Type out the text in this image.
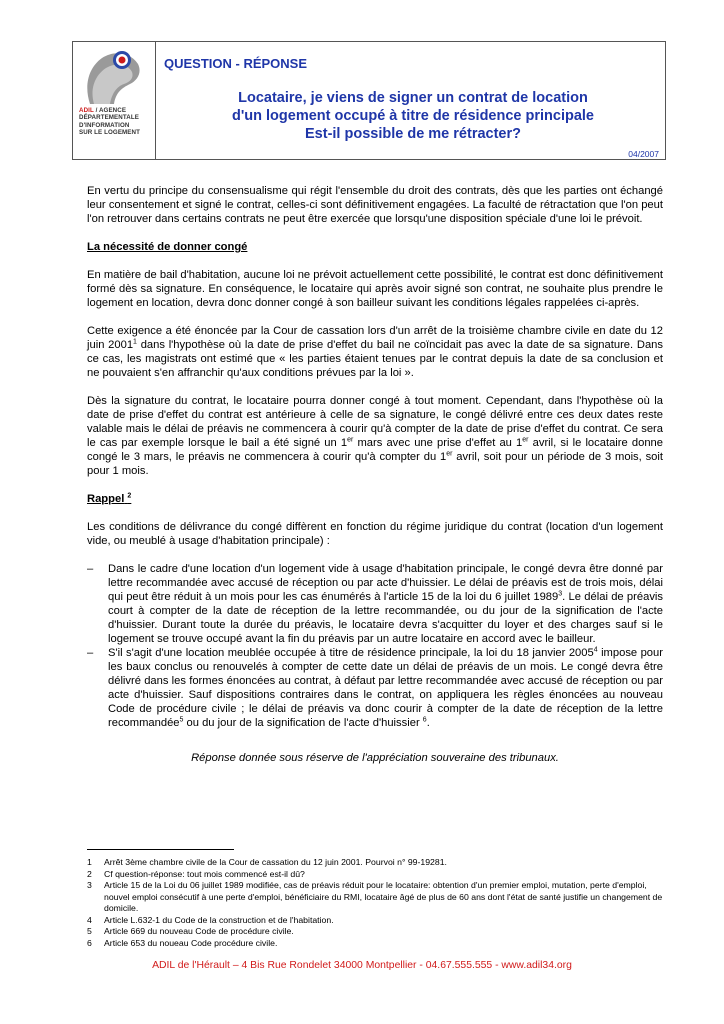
ADIL / AGENCE
DÉPARTEMENTALE
D'INFORMATION
SUR LE LOGEMENT
QUESTION - RÉPONSE
Locataire, je viens de signer un contrat de location
d'un logement occupé à titre de résidence principale
Est-il possible de me rétracter?
04/2007

En vertu du principe du consensualisme qui régit l'ensemble du droit des contrats, dès que les parties ont échangé leur consentement et signé le contrat, celles-ci sont définitivement engagées. La faculté de rétractation que l'on peut l'on retrouver dans certains contrats ne peut être exercée que lorsqu'une disposition spéciale d'une loi le prévoit.

La nécessité de donner congé

En matière de bail d'habitation, aucune loi ne prévoit actuellement cette possibilité, le contrat est donc définitivement formé dès sa signature. En conséquence, le locataire qui après avoir signé son contrat, ne souhaite plus prendre le logement en location, devra donc donner congé à son bailleur suivant les conditions légales rappelées ci-après.

Cette exigence a été énoncée par la Cour de cassation lors d'un arrêt de la troisième chambre civile en date du 12 juin 2001$^1$ dans l'hypothèse où la date de prise d'effet du bail ne coïncidait pas avec la date de sa signature. Dans ce cas, les magistrats ont estimé que « les parties étaient tenues par le contrat depuis la date de sa conclusion et ne pouvaient s'en affranchir qu'aux conditions prévues par la loi ».

Dès la signature du contrat, le locataire pourra donner congé à tout moment. Cependant, dans l'hypothèse où la date de prise d'effet du contrat est antérieure à celle de sa signature, le congé délivré entre ces deux dates reste valable mais le délai de préavis ne commencera à courir qu'à compter de la date de prise d'effet du contrat. Ce sera le cas par exemple lorsque le bail a été signé un 1er mars avec une prise d'effet au 1er avril, si le locataire donne congé le 3 mars, le préavis ne commencera à courir qu'à compter du 1er avril, soit pour un période de 3 mois, soit pour 1 mois.

Rappel $^2$

Les conditions de délivrance du congé diffèrent en fonction du régime juridique du contrat (location d'un logement vide, ou meublé à usage d'habitation principale) :

– Dans le cadre d'une location d'un logement vide à usage d'habitation principale, le congé devra être donné par lettre recommandée avec accusé de réception ou par acte d'huissier. Le délai de préavis est de trois mois, délai qui peut être réduit à un mois pour les cas énumérés à l'article 15 de la loi du 6 juillet 1989$^3$. Le délai de préavis court à compter de la date de réception de la lettre recommandée, ou du jour de la signification de l'acte d'huissier. Durant toute la durée du préavis, le locataire devra s'acquitter du loyer et des charges sauf si le logement se trouve occupé avant la fin du préavis par un autre locataire en accord avec le bailleur.
– S'il s'agit d'une location meublée occupée à titre de résidence principale, la loi du 18 janvier 2005$^4$ impose pour les baux conclus ou renouvelés à compter de cette date un délai de préavis de un mois. Le congé devra être délivré dans les formes énoncées au contrat, à défaut par lettre recommandée avec accusé de réception ou par acte d'huissier. Sauf dispositions contraires dans le contrat, on appliquera les règles énoncées au nouveau Code de procédure civile ; le délai de préavis va donc courir à compter de la date de réception de la lettre recommandée$^5$ ou du jour de la signification de l'acte d'huissier $^6$.

Réponse donnée sous réserve de l'appréciation souveraine des tribunaux.

1 Arrêt 3ème chambre civile de la Cour de cassation du 12 juin 2001. Pourvoi n° 99-19281.
2 Cf question-réponse: tout mois commencé est-il dû?
3 Article 15 de la Loi du 06 juillet 1989 modifiée, cas de préavis réduit pour le locataire: obtention d'un premier emploi, mutation, perte d'emploi, nouvel emploi consécutif à une perte d'emploi, bénéficiaire du RMI, locataire âgé de plus de 60 ans dont l'état de santé justifie un changement de domicile.
4 Article L.632-1 du Code de la construction et de l'habitation.
5 Article 669 du nouveau Code de procédure civile.
6 Article 653 du noueau Code procédure civile.
ADIL de l'Hérault – 4 Bis Rue Rondelet 34000 Montpellier - 04.67.555.555 - www.adil34.org
